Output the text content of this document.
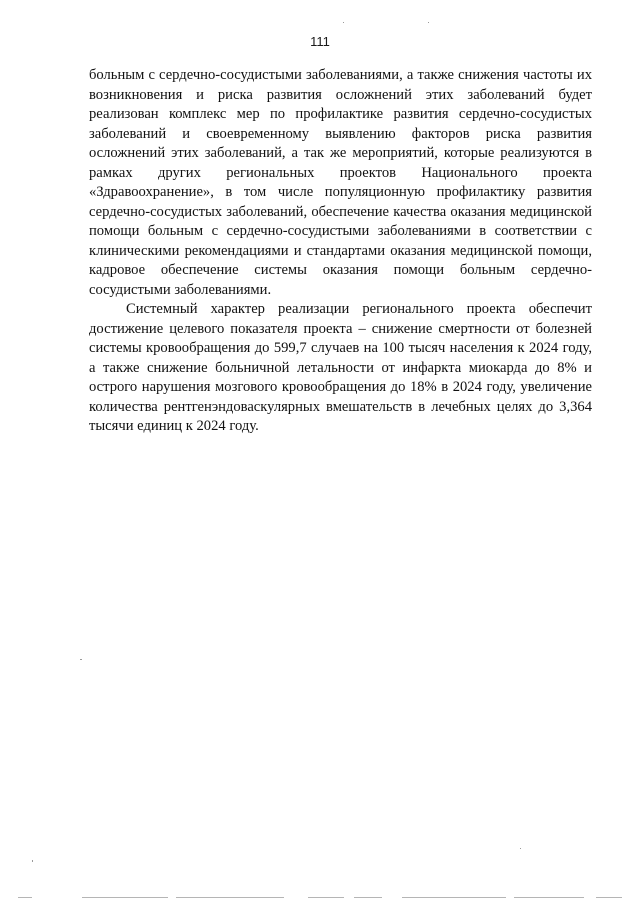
111

больным с сердечно-сосудистыми заболеваниями, а также снижения частоты их возникновения и риска развития осложнений этих заболеваний будет реализован комплекс мер по профилактике развития сердечно-сосудистых заболеваний и своевременному выявлению факторов риска развития осложнений этих заболеваний, а так же мероприятий, которые реализуются в рамках других региональных проектов Национального проекта «Здравоохранение», в том числе популяционную профилактику развития сердечно-сосудистых заболеваний, обеспечение качества оказания медицинской помощи больным с сердечно-сосудистыми заболеваниями в соответствии с клиническими рекомендациями и стандартами оказания медицинской помощи, кадровое обеспечение системы оказания помощи больным сердечно-сосудистыми заболеваниями.

Системный характер реализации регионального проекта обеспечит достижение целевого показателя проекта – снижение смертности от болезней системы кровообращения до 599,7 случаев на 100 тысяч населения к 2024 году, а также снижение больничной летальности от инфаркта миокарда до 8% и острого нарушения мозгового кровообращения до 18% в 2024 году, увеличение количества рентгенэндоваскулярных вмешательств в лечебных целях до 3,364 тысячи единиц к 2024 году.
